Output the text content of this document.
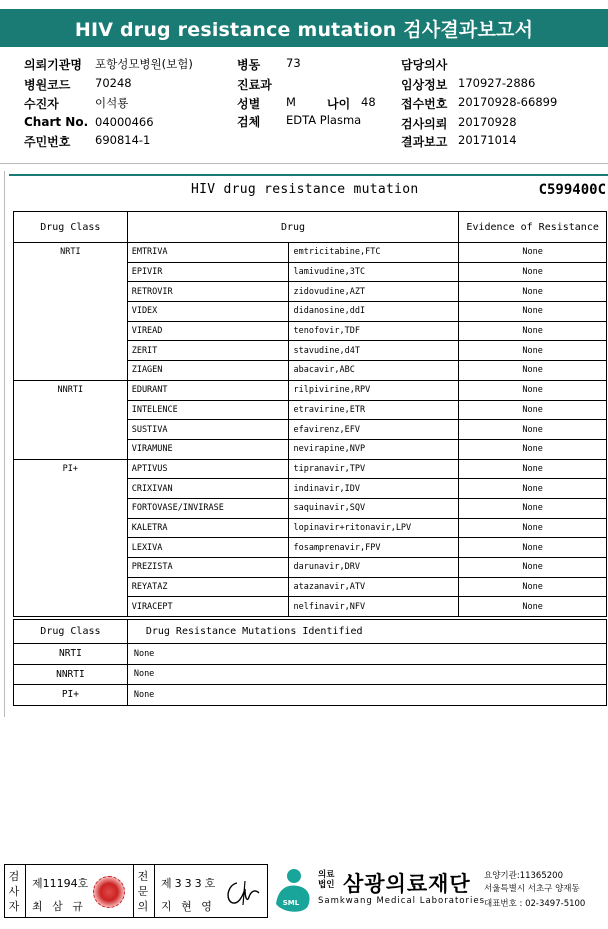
HIV drug resistance mutation 검사결과보고서
의뢰기관명 포항성모병원(보험)
병원코드 70248
수진자	이석룡
Chart No. 04000466
주민번호 690814-1
병동 73
진료과
성별 M	나이 48
검체 EDTA Plasma
담당의사
임상정보 170927-2886
접수번호 20170928-66899
검사의뢰 20170928
결과보고 20171014
HIV drug resistance mutation	C599400C
Drug Class	Drug		Evidence of Resistance
NRTI	EMTRIVA	emtricitabine,FTC	None
	EPIVIR	lamivudine,3TC	None
	RETROVIR	zidovudine,AZT	None
	VIDEX	didanosine,ddI	None
	VIREAD	tenofovir,TDF	None
	ZERIT	stavudine,d4T	None
	ZIAGEN	abacavir,ABC	None
NNRTI	EDURANT	rilpivirine,RPV	None
	INTELENCE	etravirine,ETR	None
	SUSTIVA	efavirenz,EFV	None
	VIRAMUNE	nevirapine,NVP	None
PI+	APTIVUS	tipranavir,TPV	None
	CRIXIVAN	indinavir,IDV	None
	FORTOVASE/INVIRASE	saquinavir,SQV	None
	KALETRA	lopinavir+ritonavir,LPV	None
	LEXIVA	fosamprenavir,FPV	None
	PREZISTA	darunavir,DRV	None
	REYATAZ	atazanavir,ATV	None
	VIRACEPT	nelfinavir,NFV	None
Drug Class	Drug Resistance Mutations Identified
NRTI	None
NNRTI	None
PI+	None
검사자
제11194호
최 삼 규
전문의
제333호
지 현 영	SML
의료
법인 삼광의료재단
Samkwang Medical Laboratories
요양기관:11365200
서울특별시 서초구 양재동
대표번호 : 02-3497-5100
